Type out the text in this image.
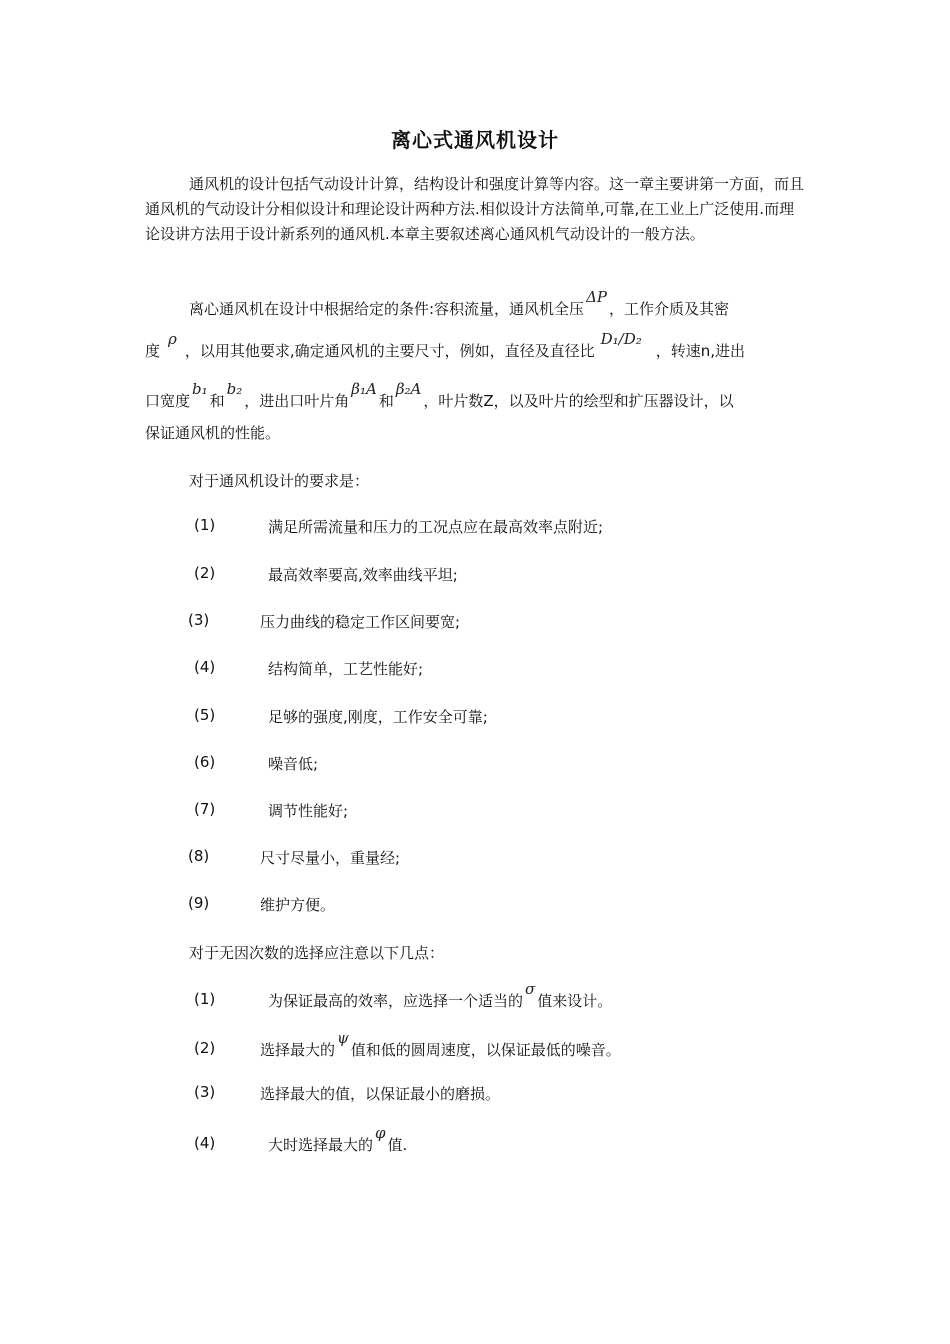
离心式通风机设计
通风机的设计包括气动设计计算，结构设计和强度计算等内容。这一章主要讲第一方面，而且通风机的气动设计分相似设计和理论设计两种方法.相似设计方法简单,可靠,在工业上广泛使用.而理论设讲方法用于设计新系列的通风机.本章主要叙述离心通风机气动设计的一般方法。
离心通风机在设计中根据给定的条件:容积流量，通风机全压ΔP，工作介质及其密
度ρ，以用其他要求,确定通风机的主要尺寸，例如，直径及直径比D₁/D₂，转速n,进出
口宽度b₁和b₂，进出口叶片角β₁A和β₂A，叶片数Z，以及叶片的绘型和扩压器设计，以
保证通风机的性能。
对于通风机设计的要求是：
(1)	满足所需流量和压力的工况点应在最高效率点附近;
(2)	最高效率要高,效率曲线平坦;
(3)	压力曲线的稳定工作区间要宽;
(4)	结构简单，工艺性能好;
(5)	足够的强度,刚度，工作安全可靠;
(6)	噪音低;
(7)	调节性能好;
(8)	尺寸尽量小，重量经;
(9)	维护方便。
对于无因次数的选择应注意以下几点：
(1)	为保证最高的效率，应选择一个适当的σ值来设计。
(2)	选择最大的ψ值和低的圆周速度，以保证最低的噪音。
(3)	选择最大的值，以保证最小的磨损。
(4)	大时选择最大的φ值.
